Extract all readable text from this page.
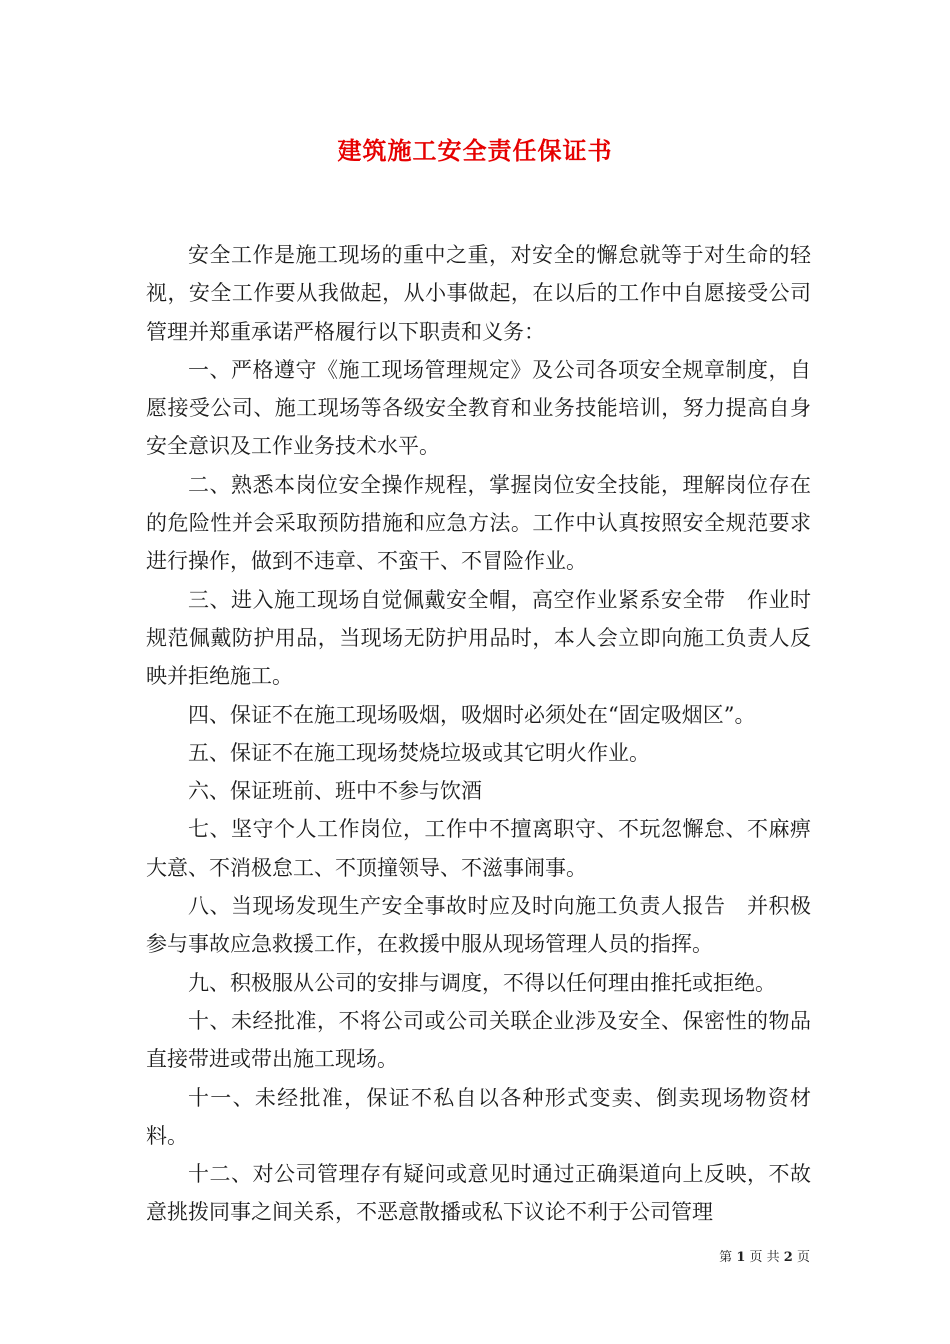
建筑施工安全责任保证书

安全工作是施工现场的重中之重，对安全的懈怠就等于对生命的轻视，安全工作要从我做起，从小事做起，在以后的工作中自愿接受公司管理并郑重承诺严格履行以下职责和义务：

一、严格遵守《施工现场管理规定》及公司各项安全规章制度，自愿接受公司、施工现场等各级安全教育和业务技能培训，努力提高自身安全意识及工作业务技术水平。

二、熟悉本岗位安全操作规程，掌握岗位安全技能，理解岗位存在的危险性并会采取预防措施和应急方法。工作中认真按照安全规范要求进行操作，做到不违章、不蛮干、不冒险作业。

三、进入施工现场自觉佩戴安全帽，高空作业紧系安全带　作业时规范佩戴防护用品，当现场无防护用品时，本人会立即向施工负责人反映并拒绝施工。

四、保证不在施工现场吸烟，吸烟时必须处在“固定吸烟区”。

五、保证不在施工现场焚烧垃圾或其它明火作业。

六、保证班前、班中不参与饮酒

七、坚守个人工作岗位，工作中不擅离职守、不玩忽懈怠、不麻痹大意、不消极怠工、不顶撞领导、不滋事闹事。

八、当现场发现生产安全事故时应及时向施工负责人报告　并积极参与事故应急救援工作，在救援中服从现场管理人员的指挥。

九、积极服从公司的安排与调度，不得以任何理由推托或拒绝。

十、未经批准，不将公司或公司关联企业涉及安全、保密性的物品直接带进或带出施工现场。

十一、未经批准，保证不私自以各种形式变卖、倒卖现场物资材料。

十二、对公司管理存有疑问或意见时通过正确渠道向上反映，不故意挑拨同事之间关系，不恶意散播或私下议论不利于公司管理

第 1 页 共 2 页
